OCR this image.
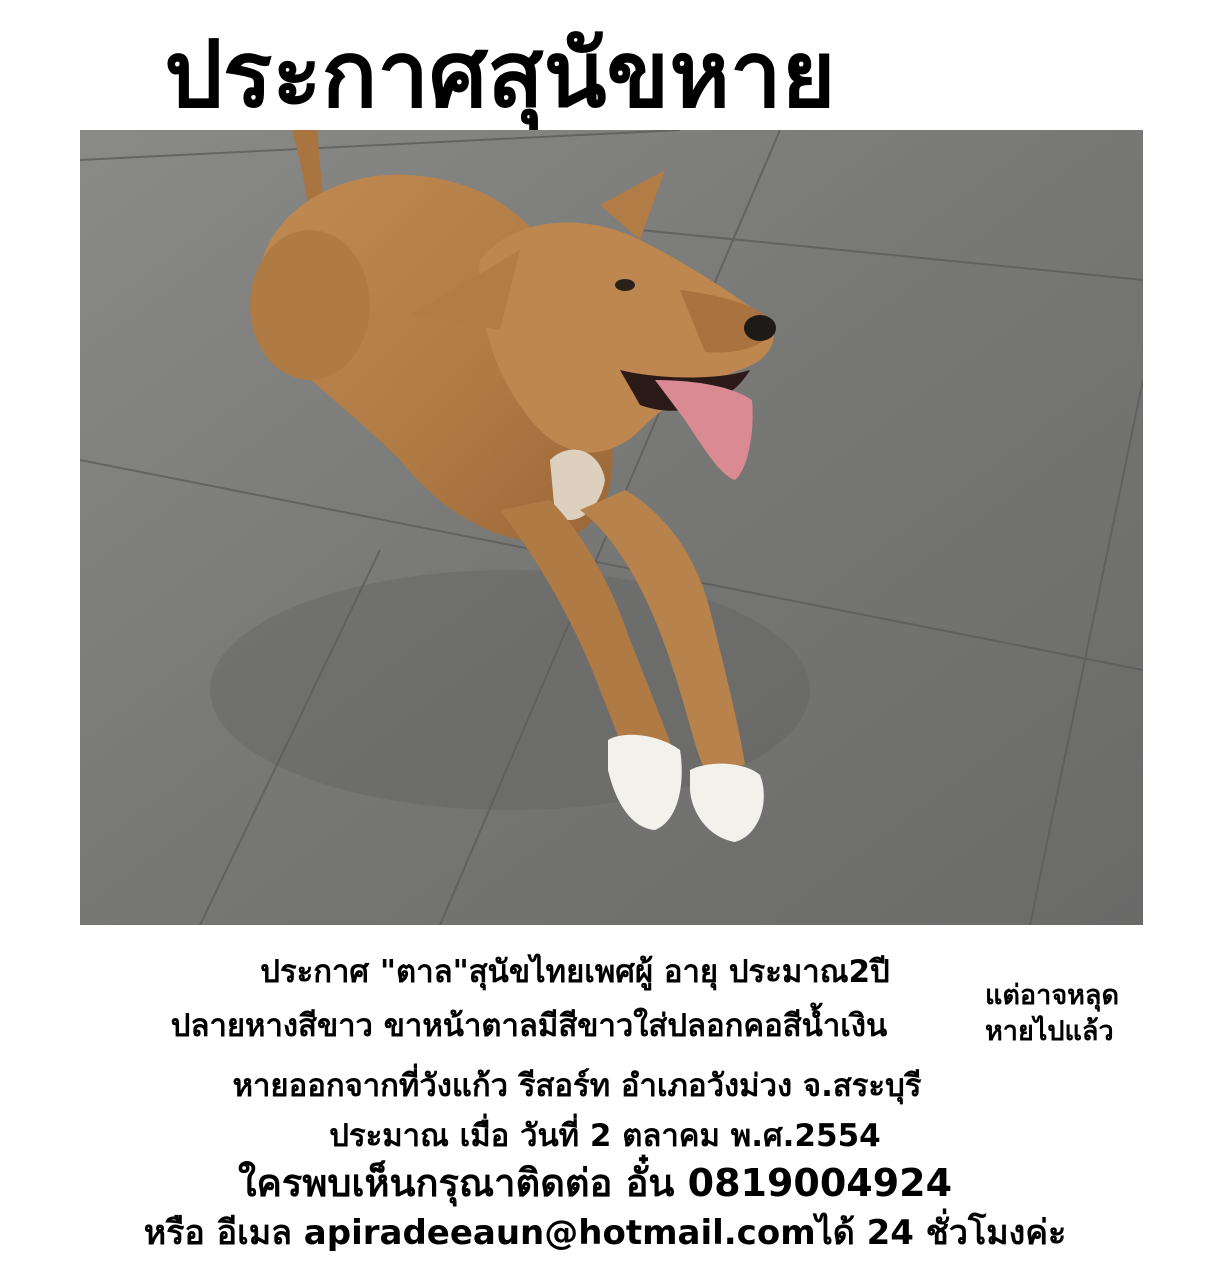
ประกาศสุนัขหาย
ประกาศ "ตาล"สุนัขไทยเพศผู้ อายุ ประมาณ2ปี
ปลายหางสีขาว ขาหน้าตาลมีสีขาวใส่ปลอกคอสีน้ำเงิน
แต่อาจหลุด
หายไปแล้ว
หายออกจากที่วังแก้ว รีสอร์ท อำเภอวังม่วง จ.สระบุรี
ประมาณ เมื่อ วันที่ 2 ตลาคม พ.ศ.2554
ใครพบเห็นกรุณาติดต่อ อั๋น 0819004924
หรือ อีเมล apiradeeaun@hotmail.comได้ 24 ชั่วโมงค่ะ
